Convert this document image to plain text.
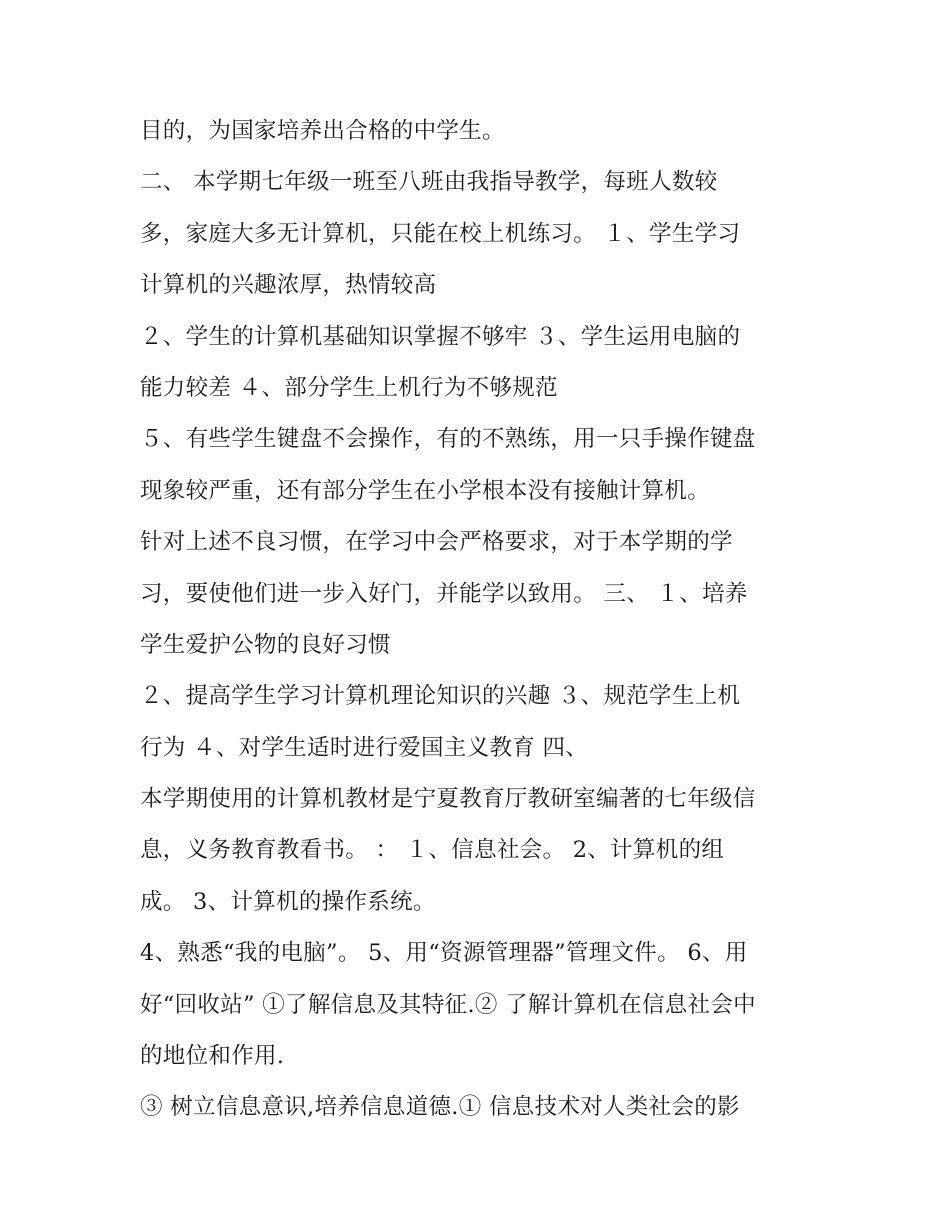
目的，为国家培养出合格的中学生。
二、 本学期七年级一班至八班由我指导教学，每班人数较
多，家庭大多无计算机，只能在校上机练习。 １、学生学习
计算机的兴趣浓厚，热情较高
２、学生的计算机基础知识掌握不够牢 ３、学生运用电脑的
能力较差 ４、部分学生上机行为不够规范
５、有些学生键盘不会操作，有的不熟练，用一只手操作键盘
现象较严重，还有部分学生在小学根本没有接触计算机。
针对上述不良习惯，在学习中会严格要求，对于本学期的学
习，要使他们进一步入好门，并能学以致用。 三、 １、培养
学生爱护公物的良好习惯
２、提高学生学习计算机理论知识的兴趣 ３、规范学生上机
行为 ４、对学生适时进行爱国主义教育 四、
本学期使用的计算机教材是宁夏教育厅教研室编著的七年级信
息，义务教育教看书。 ： １、信息社会。 2、计算机的组
成。 3、计算机的操作系统。
4、熟悉“我的电脑”。 5、用“资源管理器”管理文件。 6、用
好“回收站” ①了解信息及其特征.② 了解计算机在信息社会中
的地位和作用.
③ 树立信息意识,培养信息道德.① 信息技术对人类社会的影
